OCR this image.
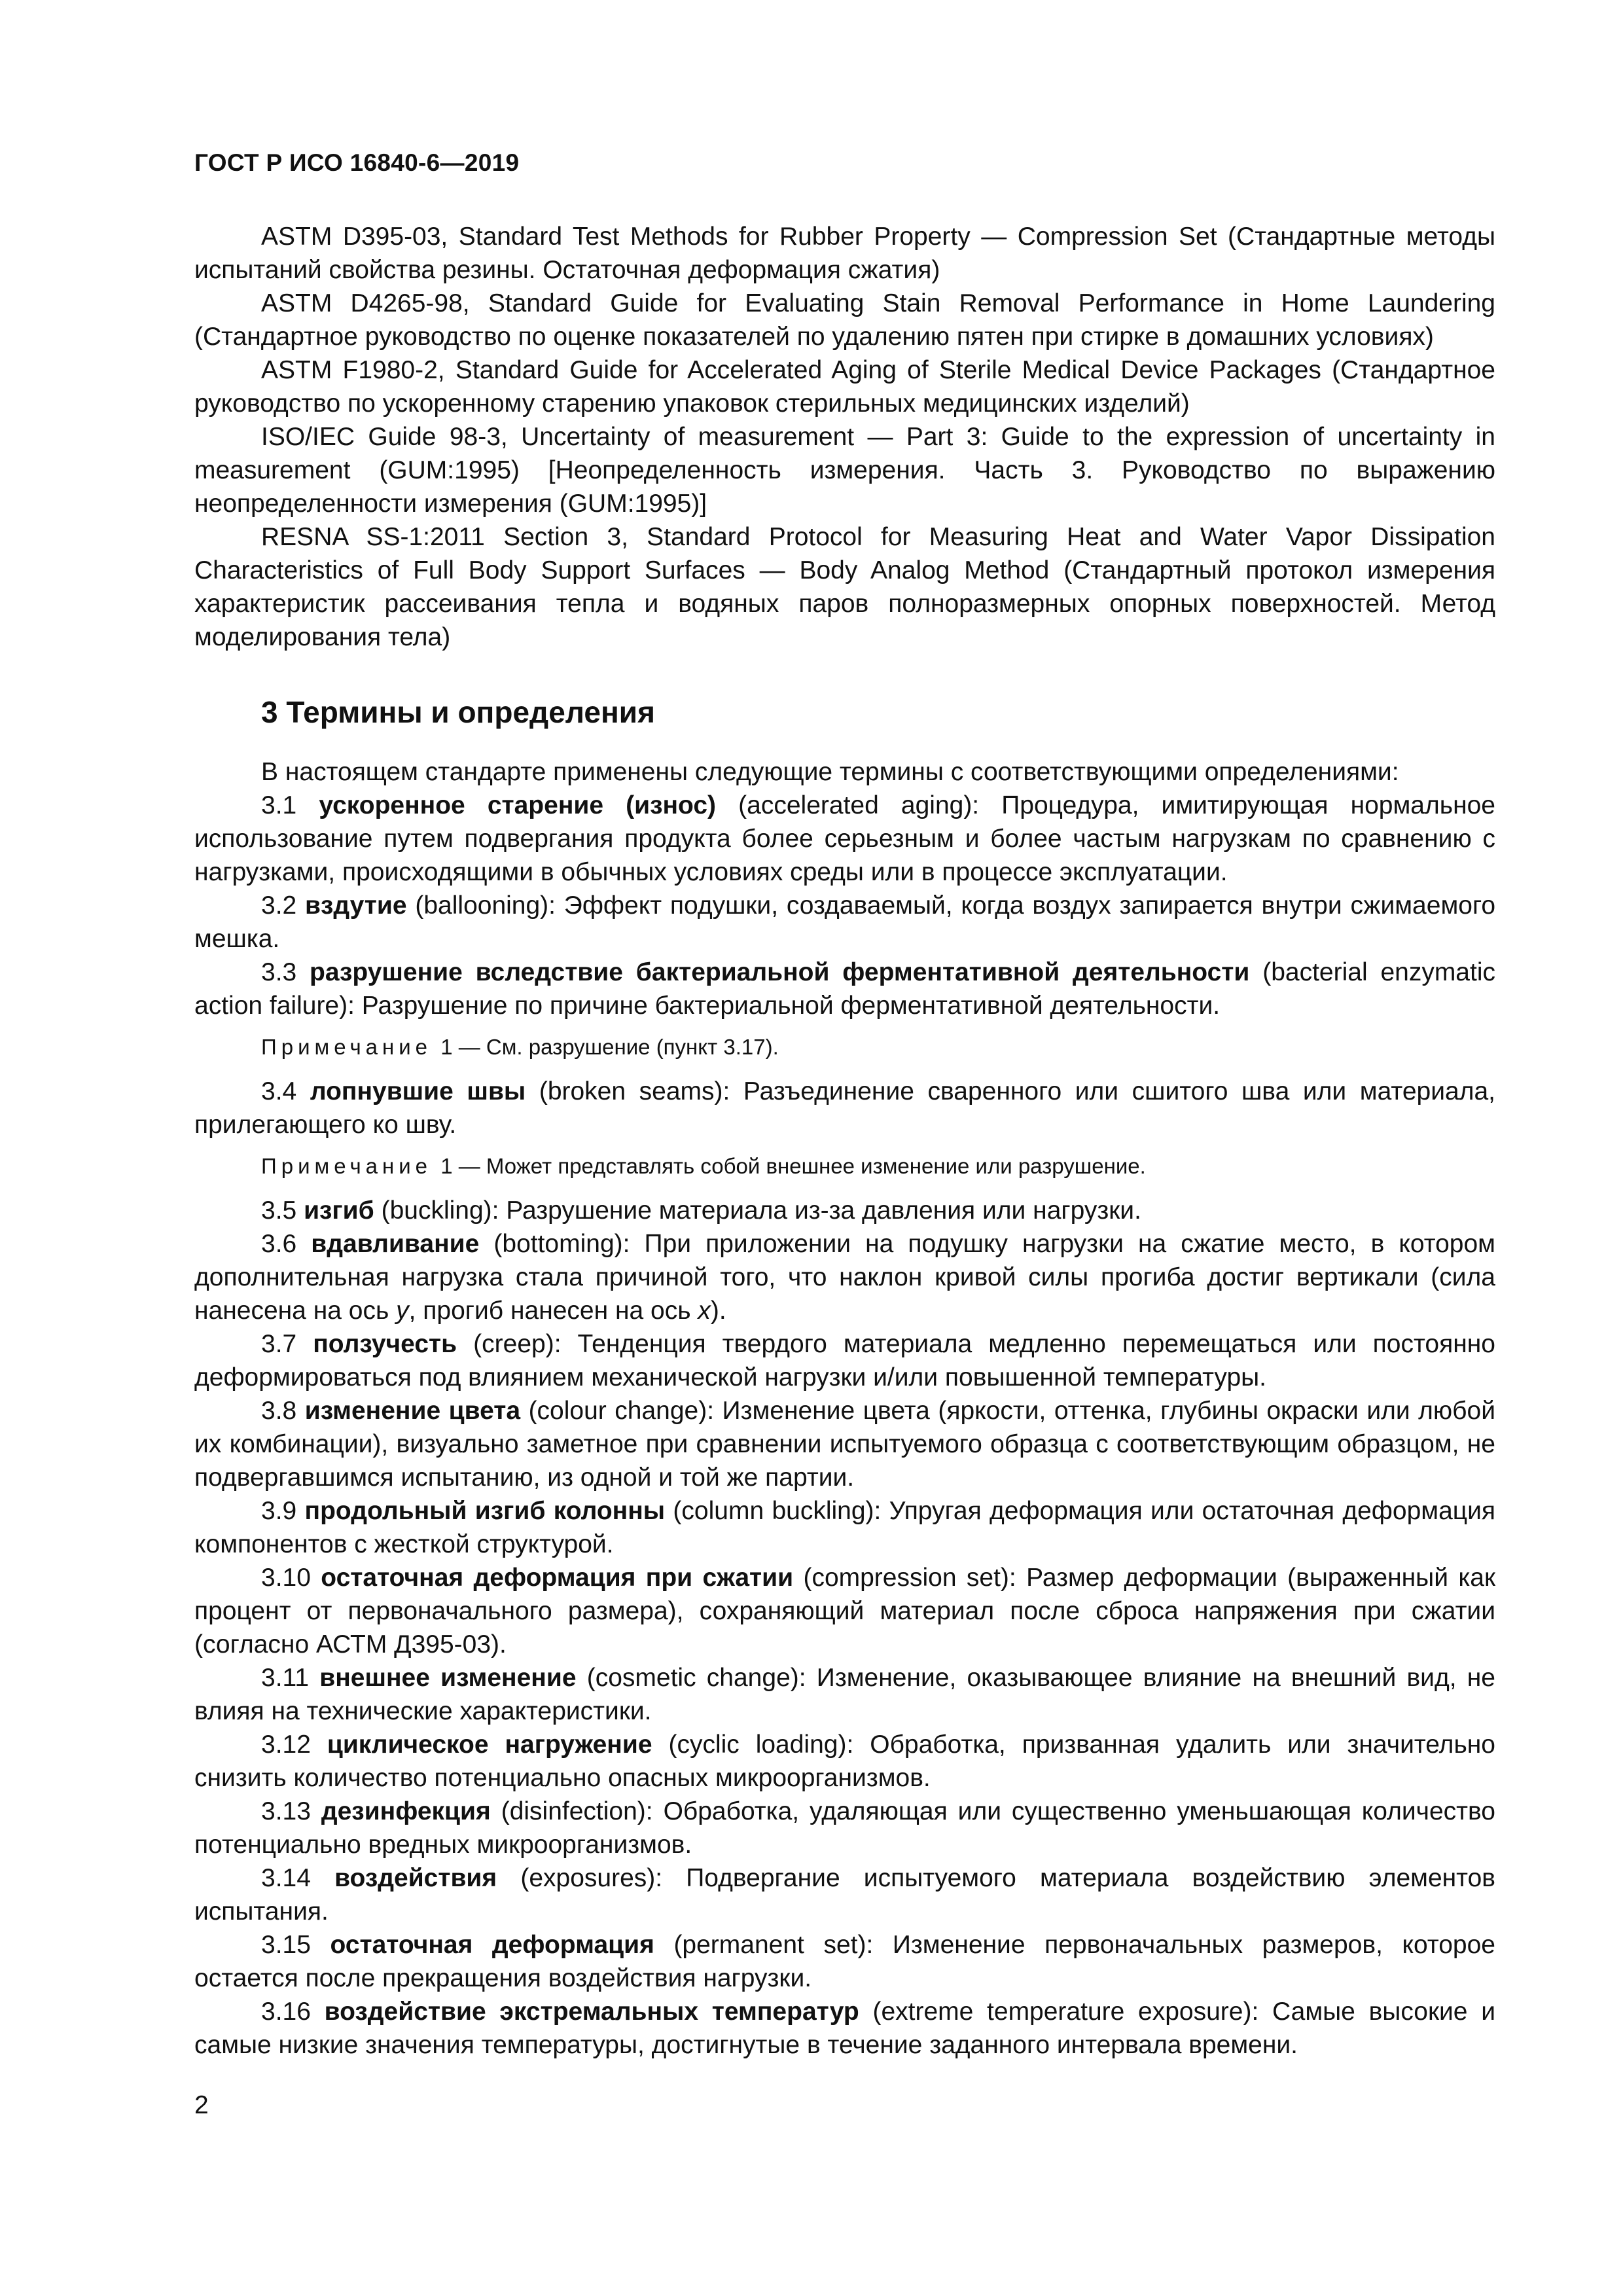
ГОСТ Р ИСО 16840-6—2019

ASTM D395-03, Standard Test Methods for Rubber Property — Compression Set (Стандартные методы испытаний свойства резины. Остаточная деформация сжатия)

ASTM D4265-98, Standard Guide for Evaluating Stain Removal Performance in Home Laundering (Стандартное руководство по оценке показателей по удалению пятен при стирке в домашних условиях)

ASTM F1980-2, Standard Guide for Accelerated Aging of Sterile Medical Device Packages (Стандартное руководство по ускоренному старению упаковок стерильных медицинских изделий)

ISO/IEC Guide 98-3, Uncertainty of measurement — Part 3: Guide to the expression of uncertainty in measurement (GUM:1995) [Неопределенность измерения. Часть 3. Руководство по выражению неопределенности измерения (GUM:1995)]

RESNA SS-1:2011 Section 3, Standard Protocol for Measuring Heat and Water Vapor Dissipation Characteristics of Full Body Support Surfaces — Body Analog Method (Стандартный протокол измерения характеристик рассеивания тепла и водяных паров полноразмерных опорных поверхностей. Метод моделирования тела)

3 Термины и определения

В настоящем стандарте применены следующие термины с соответствующими определениями:

3.1 ускоренное старение (износ) (accelerated aging): Процедура, имитирующая нормальное использование путем подвергания продукта более серьезным и более частым нагрузкам по сравнению с нагрузками, происходящими в обычных условиях среды или в процессе эксплуатации.

3.2 вздутие (ballooning): Эффект подушки, создаваемый, когда воздух запирается внутри сжимаемого мешка.

3.3 разрушение вследствие бактериальной ферментативной деятельности (bacterial enzymatic action failure): Разрушение по причине бактериальной ферментативной деятельности.

Примечание 1 — См. разрушение (пункт 3.17).

3.4 лопнувшие швы (broken seams): Разъединение сваренного или сшитого шва или материала, прилегающего ко шву.

Примечание 1 — Может представлять собой внешнее изменение или разрушение.

3.5 изгиб (buckling): Разрушение материала из-за давления или нагрузки.

3.6 вдавливание (bottoming): При приложении на подушку нагрузки на сжатие место, в котором дополнительная нагрузка стала причиной того, что наклон кривой силы прогиба достиг вертикали (сила нанесена на ось y, прогиб нанесен на ось x).

3.7 ползучесть (creep): Тенденция твердого материала медленно перемещаться или постоянно деформироваться под влиянием механической нагрузки и/или повышенной температуры.

3.8 изменение цвета (colour change): Изменение цвета (яркости, оттенка, глубины окраски или любой их комбинации), визуально заметное при сравнении испытуемого образца с соответствующим образцом, не подвергавшимся испытанию, из одной и той же партии.

3.9 продольный изгиб колонны (column buckling): Упругая деформация или остаточная деформация компонентов с жесткой структурой.

3.10 остаточная деформация при сжатии (compression set): Размер деформации (выраженный как процент от первоначального размера), сохраняющий материал после сброса напряжения при сжатии (согласно АСТМ Д395-03).

3.11 внешнее изменение (cosmetic change): Изменение, оказывающее влияние на внешний вид, не влияя на технические характеристики.

3.12 циклическое нагружение (cyclic loading): Обработка, призванная удалить или значительно снизить количество потенциально опасных микроорганизмов.

3.13 дезинфекция (disinfection): Обработка, удаляющая или существенно уменьшающая количество потенциально вредных микроорганизмов.

3.14 воздействия (exposures): Подвергание испытуемого материала воздействию элементов испытания.

3.15 остаточная деформация (permanent set): Изменение первоначальных размеров, которое остается после прекращения воздействия нагрузки.

3.16 воздействие экстремальных температур (extreme temperature exposure): Самые высокие и самые низкие значения температуры, достигнутые в течение заданного интервала времени.

2
